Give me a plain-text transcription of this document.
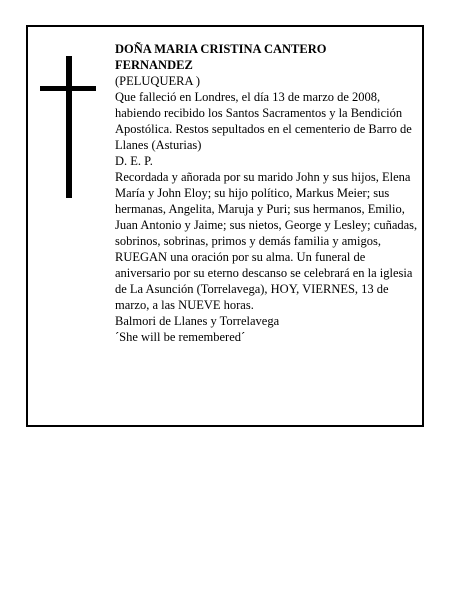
DOÑA MARIA CRISTINA CANTERO

FERNANDEZ

(PELUQUERA )

Que falleció en Londres, el día 13 de marzo de 2008, habiendo recibido los Santos Sacramentos y la Bendición Apostólica. Restos sepultados en el cementerio de Barro de Llanes (Asturias)

D. E. P.

Recordada y añorada por su marido John y sus hijos, Elena María y John Eloy; su hijo político, Markus Meier; sus hermanas, Angelita, Maruja y Puri; sus hermanos, Emilio, Juan Antonio y Jaime; sus nietos, George y Lesley; cuñadas, sobrinos, sobrinas, primos y demás familia y amigos,

RUEGAN una oración por su alma. Un funeral de aniversario por su eterno descanso se celebrará en la iglesia de La Asunción (Torrelavega), HOY, VIERNES, 13 de marzo, a las NUEVE horas.

Balmori de Llanes y Torrelavega

´She will be remembered´
